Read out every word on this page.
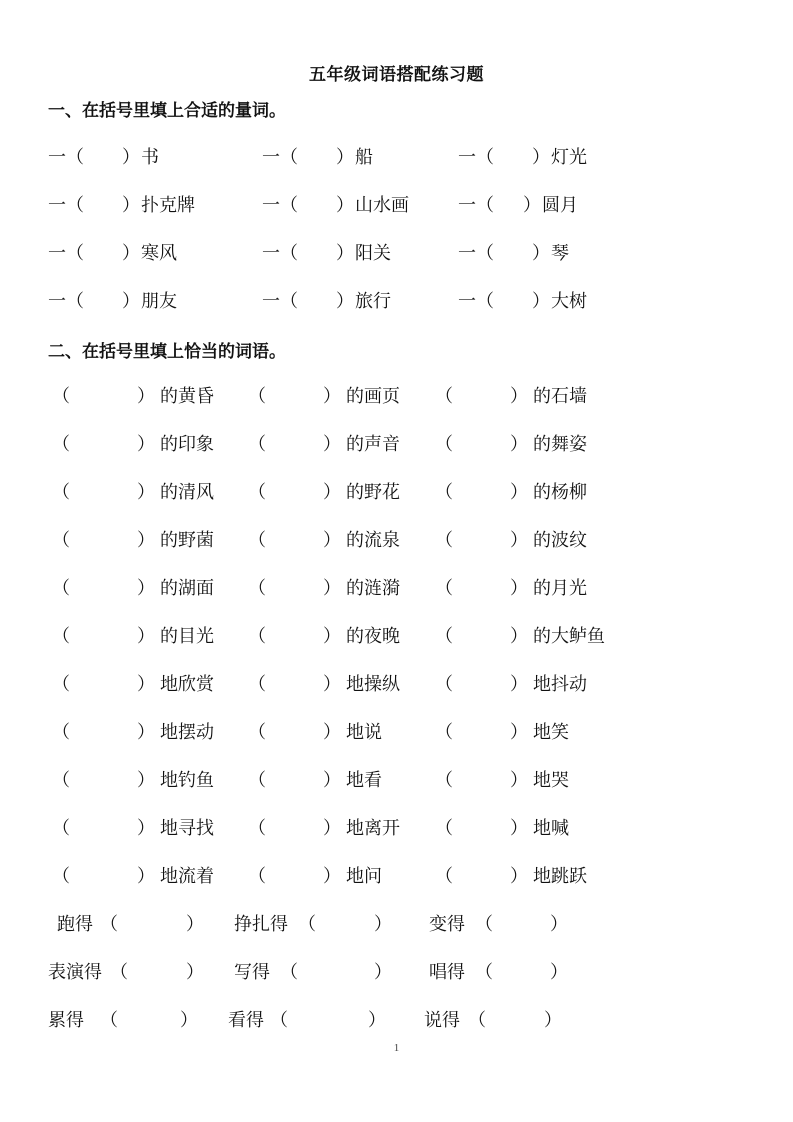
五年级词语搭配练习题
一、在括号里填上合适的量词。
一（ ） 书	一（ ） 船	一（ ） 灯光
一（ ） 扑克牌	一（ ） 山水画	一（ ） 圆月
一（ ） 寒风	一（ ） 阳关	一（ ） 琴
一（ ） 朋友	一（ ） 旅行	一（ ） 大树
二、在括号里填上恰当的词语。
（	） 的黄昏 （	） 的画页 （	） 的石墙
（	） 的印象 （	） 的声音 （	） 的舞姿
（	） 的清风 （	） 的野花 （	） 的杨柳
（	） 的野菌 （	） 的流泉 （	） 的波纹
（	） 的湖面 （	） 的涟漪 （	） 的月光
（	） 的目光 （	） 的夜晚 （	） 的大鲈鱼
（	） 地欣赏 （	） 地操纵 （	） 地抖动
（	） 地摆动 （	） 地说	（	） 地笑
（	） 地钓鱼 （	） 地看	（	） 地哭
（	） 地寻找 （	） 地离开 （	） 地喊
（	） 地流着 （	） 地问	（	） 地跳跃
跑得 （	） 挣扎得 （	） 变得 （	）
表演得 （	） 写得 （	） 唱得 （	）
累得 （	） 看得 （	） 说得 （	）
1
